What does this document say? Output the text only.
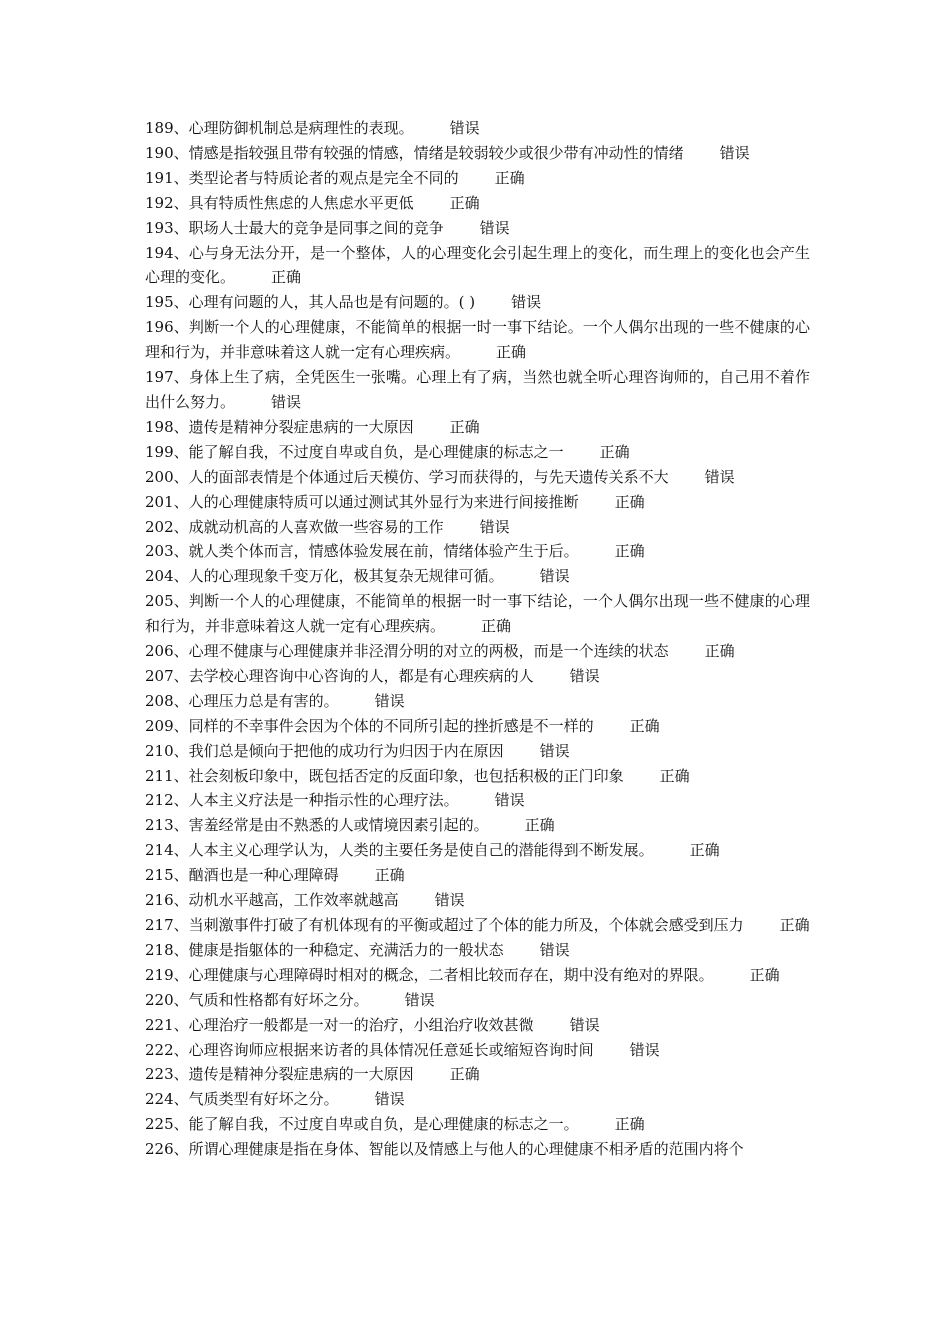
189、心理防御机制总是病理性的表现。 错误

190、情感是指较强且带有较强的情感，情绪是较弱较少或很少带有冲动性的情绪 错误

191、类型论者与特质论者的观点是完全不同的 正确

192、具有特质性焦虑的人焦虑水平更低 正确

193、职场人士最大的竞争是同事之间的竞争 错误

194、心与身无法分开，是一个整体，人的心理变化会引起生理上的变化，而生理上的变化也会产生心理的变化。 正确

195、心理有问题的人，其人品也是有问题的。( ) 错误

196、判断一个人的心理健康，不能简单的根据一时一事下结论。一个人偶尔出现的一些不健康的心理和行为，并非意味着这人就一定有心理疾病。 正确

197、身体上生了病，全凭医生一张嘴。心理上有了病，当然也就全听心理咨询师的，自己用不着作出什么努力。 错误

198、遗传是精神分裂症患病的一大原因 正确

199、能了解自我，不过度自卑或自负，是心理健康的标志之一 正确

200、人的面部表情是个体通过后天模仿、学习而获得的，与先天遗传关系不大 错误

201、人的心理健康特质可以通过测试其外显行为来进行间接推断 正确

202、成就动机高的人喜欢做一些容易的工作 错误

203、就人类个体而言，情感体验发展在前，情绪体验产生于后。 正确

204、人的心理现象千变万化，极其复杂无规律可循。 错误

205、判断一个人的心理健康，不能简单的根据一时一事下结论，一个人偶尔出现一些不健康的心理和行为，并非意味着这人就一定有心理疾病。 正确

206、心理不健康与心理健康并非泾渭分明的对立的两极，而是一个连续的状态 正确

207、去学校心理咨询中心咨询的人，都是有心理疾病的人 错误

208、心理压力总是有害的。 错误

209、同样的不幸事件会因为个体的不同所引起的挫折感是不一样的 正确

210、我们总是倾向于把他的成功行为归因于内在原因 错误

211、社会刻板印象中，既包括否定的反面印象，也包括积极的正门印象 正确

212、人本主义疗法是一种指示性的心理疗法。 错误

213、害羞经常是由不熟悉的人或情境因素引起的。 正确

214、人本主义心理学认为，人类的主要任务是使自己的潜能得到不断发展。 正确

215、酗酒也是一种心理障碍 正确

216、动机水平越高，工作效率就越高 错误

217、当刺激事件打破了有机体现有的平衡或超过了个体的能力所及，个体就会感受到压力 正确

218、健康是指躯体的一种稳定、充满活力的一般状态 错误

219、心理健康与心理障碍时相对的概念，二者相比较而存在，期中没有绝对的界限。 正确

220、气质和性格都有好坏之分。 错误

221、心理治疗一般都是一对一的治疗，小组治疗收效甚微 错误

222、心理咨询师应根据来访者的具体情况任意延长或缩短咨询时间 错误

223、遗传是精神分裂症患病的一大原因 正确

224、气质类型有好坏之分。 错误

225、能了解自我，不过度自卑或自负，是心理健康的标志之一。 正确

226、所谓心理健康是指在身体、智能以及情感上与他人的心理健康不相矛盾的范围内将个
